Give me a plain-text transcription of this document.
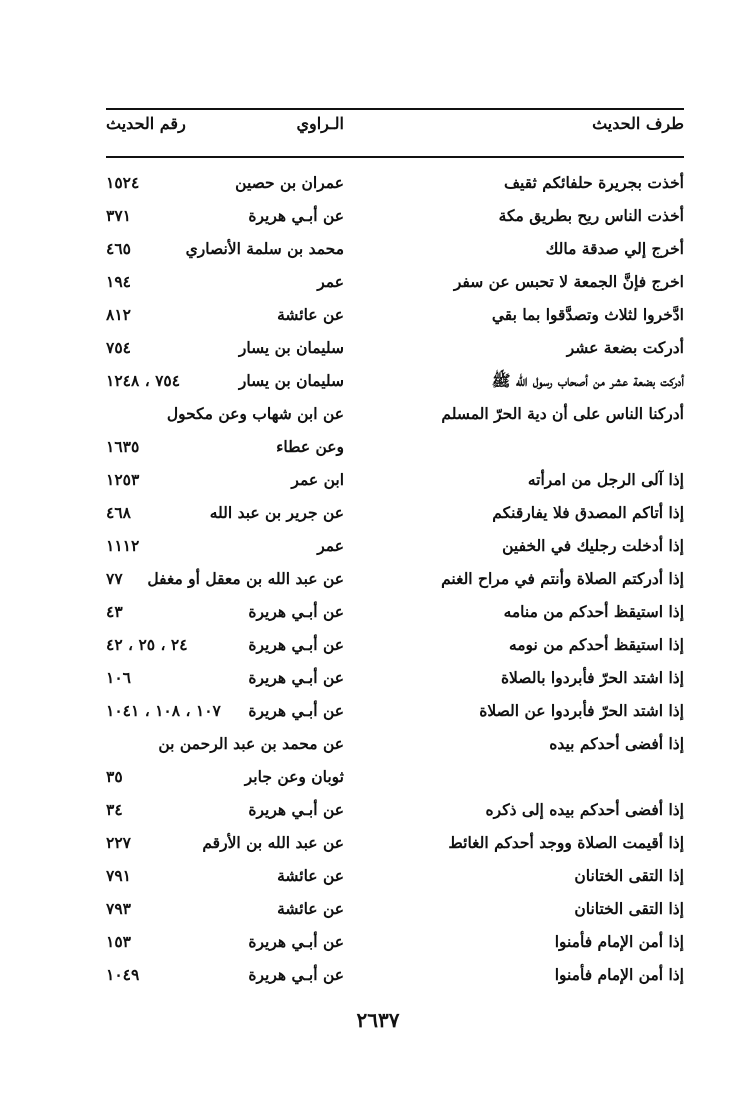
طرف الحديث
الـراوي
رقم الحديث
أخذت بجريرة حلفائكم ثقيف
عمران بن حصين
١٥٢٤
أخذت الناس ريح بطريق مكة
عن أبـي هريرة
٣٧١
أخرج إلي صدقة مالك
محمد بن سلمة الأنصاري
٤٦٥
اخرج فإنَّ الجمعة لا تحبس عن سفر
عمر
١٩٤
ادَّخروا لثلاث وتصدَّقوا بما بقي
عن عائشة
٨١٢
أدركت بضعة عشر
سليمان بن يسار
٧٥٤
أدركت بضعة عشر من أصحاب رسول الله ﷺ
سليمان بن يسار
٧٥٤ ، ١٢٤٨
أدركنا الناس على أن دية الحرّ المسلم
عن ابن شهاب وعن مكحول
وعن عطاء
١٦٣٥
إذا آلى الرجل من امرأته
ابن عمر
١٢٥٣
إذا أتاكم المصدق فلا يفارقنكم
عن جرير بن عبد الله
٤٦٨
إذا أدخلت رجليك في الخفين
عمر
١١١٢
إذا أدركتم الصلاة وأنتم في مراح الغنم
عن عبد الله بن معقل أو مغفل
٧٧
إذا استيقظ أحدكم من منامه
عن أبـي هريرة
٤٣
إذا استيقظ أحدكم من نومه
عن أبـي هريرة
٢٤ ، ٢٥ ، ٤٢
إذا اشتد الحرّ فأبردوا بالصلاة
عن أبـي هريرة
١٠٦
إذا اشتد الحرّ فأبردوا عن الصلاة
عن أبـي هريرة
١٠٧ ، ١٠٨ ، ١٠٤١
إذا أفضى أحدكم بيده
عن محمد بن عبد الرحمن بن
ثوبان وعن جابر
٣٥
إذا أفضى أحدكم بيده إلى ذكره
عن أبـي هريرة
٣٤
إذا أقيمت الصلاة ووجد أحدكم الغائط
عن عبد الله بن الأرقم
٢٢٧
إذا التقى الختانان
عن عائشة
٧٩١
إذا التقى الختانان
عن عائشة
٧٩٣
إذا أمن الإمام فأمنوا
عن أبـي هريرة
١٥٣
إذا أمن الإمام فأمنوا
عن أبـي هريرة
١٠٤٩
٢٦٣٧
